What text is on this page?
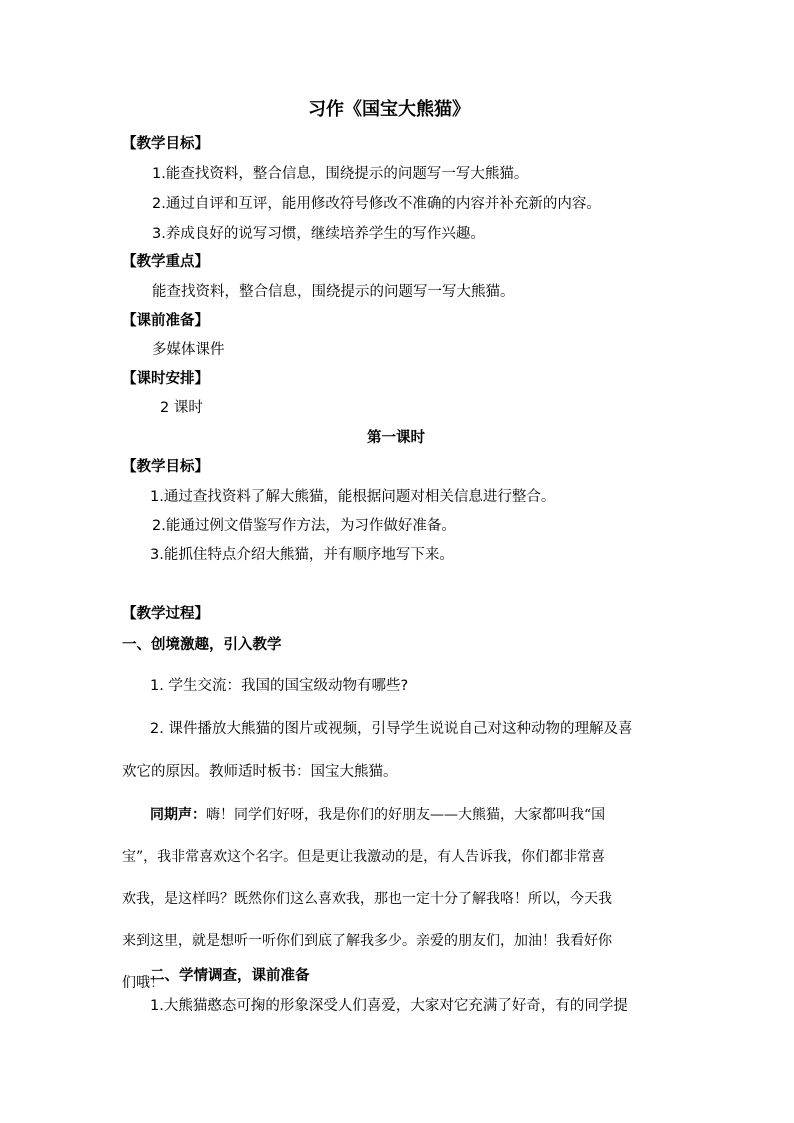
习作《国宝大熊猫》
【教学目标】
1.能查找资料，整合信息，围绕提示的问题写一写大熊猫。
2.通过自评和互评，能用修改符号修改不准确的内容并补充新的内容。
3.养成良好的说写习惯，继续培养学生的写作兴趣。
【教学重点】
能查找资料，整合信息，围绕提示的问题写一写大熊猫。
【课前准备】
多媒体课件
【课时安排】
2 课时
第一课时
【教学目标】
1.通过查找资料了解大熊猫，能根据问题对相关信息进行整合。
2.能通过例文借鉴写作方法，为习作做好准备。
3.能抓住特点介绍大熊猫，并有顺序地写下来。
【教学过程】
一、创境激趣，引入教学
1. 学生交流：我国的国宝级动物有哪些?
2. 课件播放大熊猫的图片或视频，引导学生说说自己对这种动物的理解及喜
欢它的原因。教师适时板书：国宝大熊猫。
同期声：嗨！同学们好呀，我是你们的好朋友——大熊猫，大家都叫我“国
宝”，我非常喜欢这个名字。但是更让我激动的是，有人告诉我，你们都非常喜
欢我，是这样吗？既然你们这么喜欢我，那也一定十分了解我咯！所以，今天我
来到这里，就是想听一听你们到底了解我多少。亲爱的朋友们，加油！我看好你
们哦！
二、学情调查，课前准备
1.大熊猫憨态可掬的形象深受人们喜爱，大家对它充满了好奇，有的同学提
